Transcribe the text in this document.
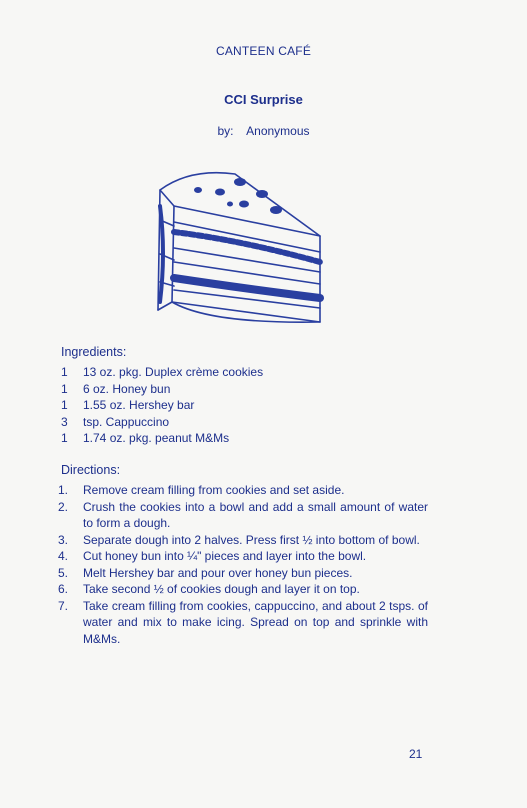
CANTEEN CAFÉ
CCI Surprise
by: Anonymous
Ingredients:
1 13 oz. pkg. Duplex crème cookies
1 6 oz. Honey bun
1 1.55 oz. Hershey bar
3 tsp. Cappuccino
1 1.74 oz. pkg. peanut M&Ms
Directions:
1.	Remove cream filling from cookies and set aside.
2.	Crush the cookies into a bowl and add a small amount of water to form a dough.
3.	Separate dough into 2 halves. Press first ½ into bottom of bowl.
4.	Cut honey bun into ¼" pieces and layer into the bowl.
5.	Melt Hershey bar and pour over honey bun pieces.
6.	Take second ½ of cookies dough and layer it on top.
7.	Take cream filling from cookies, cappuccino, and about 2 tsps. of water and mix to make icing. Spread on top and sprinkle with M&Ms.
21
